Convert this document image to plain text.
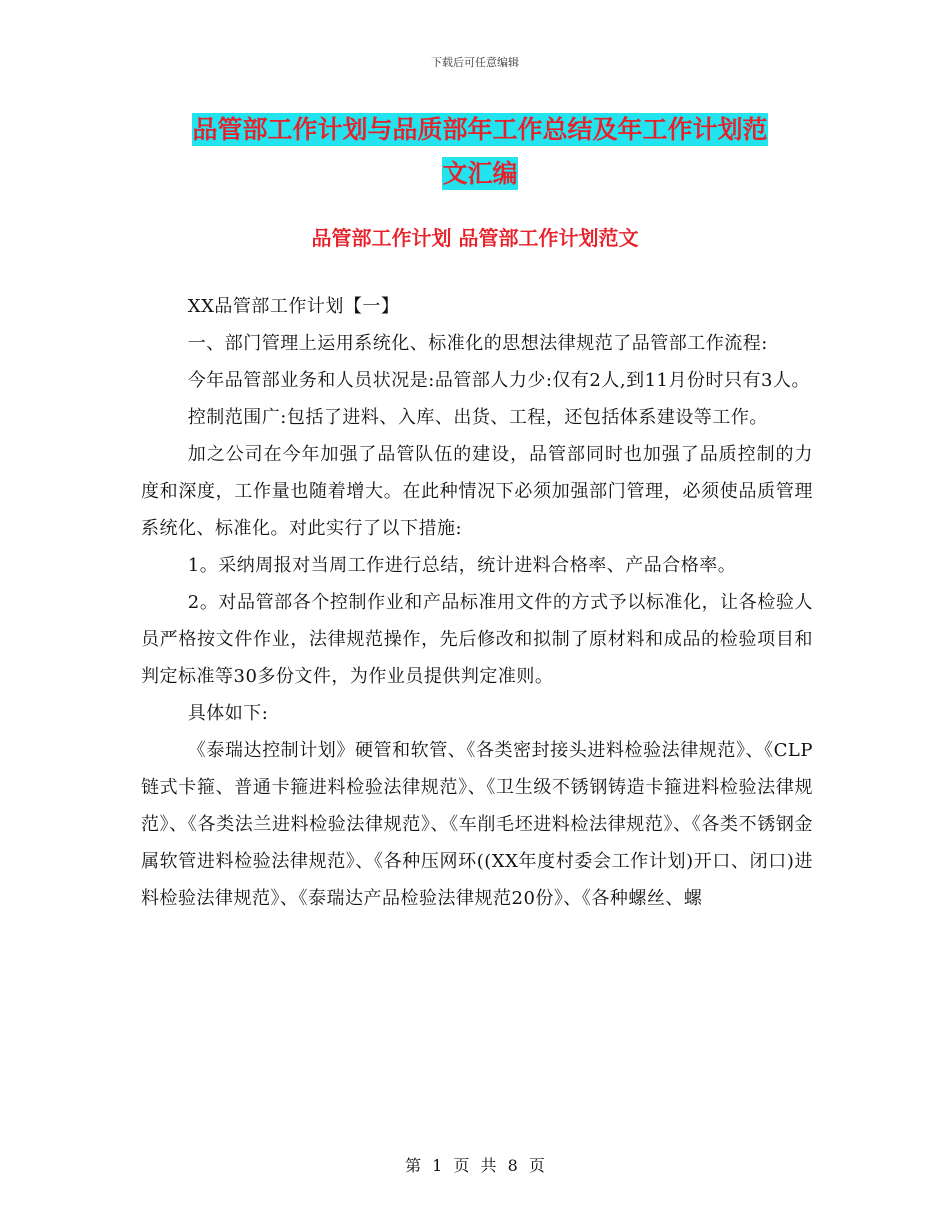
下载后可任意编辑
品管部工作计划与品质部年工作总结及年工作计划范
文汇编
品管部工作计划 品管部工作计划范文

XX品管部工作计划【一】

一、部门管理上运用系统化、标准化的思想法律规范了品管部工作流程:

今年品管部业务和人员状况是:品管部人力少:仅有2人,到11月份时只有3人。

控制范围广:包括了进料、入库、出货、工程，还包括体系建设等工作。

加之公司在今年加强了品管队伍的建设，品管部同时也加强了品质控制的力度和深度，工作量也随着增大。在此种情况下必须加强部门管理，必须使品质管理系统化、标准化。对此实行了以下措施:

1。采纳周报对当周工作进行总结，统计进料合格率、产品合格率。

2。对品管部各个控制作业和产品标准用文件的方式予以标准化，让各检验人员严格按文件作业，法律规范操作，先后修改和拟制了原材料和成品的检验项目和判定标准等30多份文件，为作业员提供判定准则。

具体如下:

《泰瑞达控制计划》硬管和软管、《各类密封接头进料检验法律规范》、《CLP链式卡箍、普通卡箍进料检验法律规范》、《卫生级不锈钢铸造卡箍进料检验法律规范》、《各类法兰进料检验法律规范》、《车削毛坯进料检法律规范》、《各类不锈钢金属软管进料检验法律规范》、《各种压网环((XX年度村委会工作计划)开口、闭口)进料检验法律规范》、《泰瑞达产品检验法律规范20份》、《各种螺丝、螺

第 1 页 共 8 页
